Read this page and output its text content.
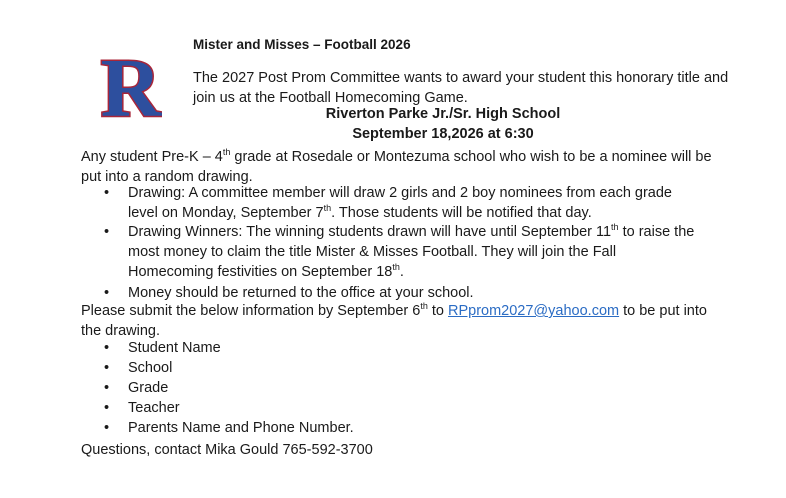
R Mister and Misses – Football 2026
The 2027 Post Prom Committee wants to award your student this honorary title and join us at the Football Homecoming Game.
Riverton Parke Jr./Sr. High School
September 18,2026 at 6:30
Any student Pre-K – 4th grade at Rosedale or Montezuma school who wish to be a nominee will be put into a random drawing.
• Drawing: A committee member will draw 2 girls and 2 boy nominees from each grade level on Monday, September 7th. Those students will be notified that day.
• Drawing Winners: The winning students drawn will have until September 11th to raise the most money to claim the title Mister & Misses Football. They will join the Fall Homecoming festivities on September 18th.
• Money should be returned to the office at your school.
Please submit the below information by September 6th to RPprom2027@yahoo.com to be put into the drawing.
• Student Name
• School
• Grade
• Teacher
• Parents Name and Phone Number.
Questions, contact Mika Gould 765-592-3700
